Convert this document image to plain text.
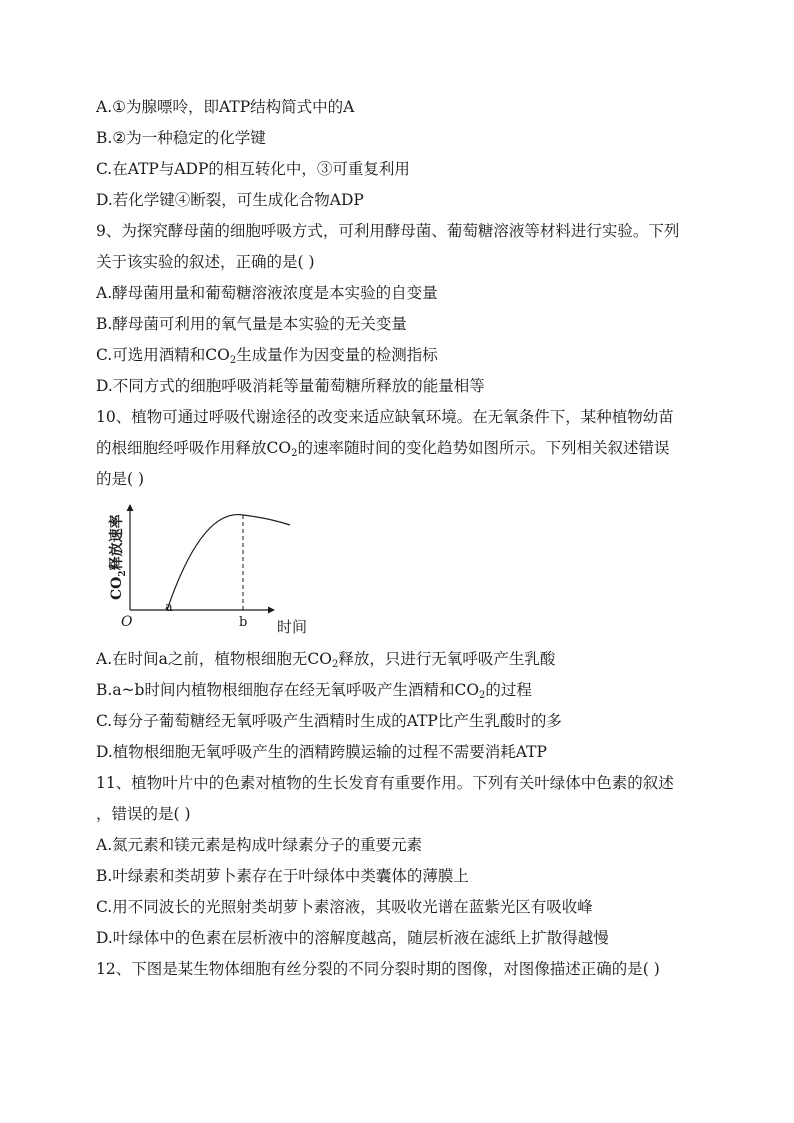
A.①为腺嘌呤，即ATP结构简式中的A
B.②为一种稳定的化学键
C.在ATP与ADP的相互转化中，③可重复利用
D.若化学键④断裂，可生成化合物ADP
9、为探究酵母菌的细胞呼吸方式，可利用酵母菌、葡萄糖溶液等材料进行实验。下列
关于该实验的叙述，正确的是( )
A.酵母菌用量和葡萄糖溶液浓度是本实验的自变量
B.酵母菌可利用的氧气量是本实验的无关变量
C.可选用酒精和$CO_2$生成量作为因变量的检测指标
D.不同方式的细胞呼吸消耗等量葡萄糖所释放的能量相等
10、植物可通过呼吸代谢途径的改变来适应缺氧环境。在无氧条件下，某种植物幼苗
的根细胞经呼吸作用释放$CO_2$的速率随时间的变化趋势如图所示。下列相关叙述错误
的是( )
O
a
b 时间
$CO_2$释放速率
A.在时间a之前，植物根细胞无$CO_2$释放，只进行无氧呼吸产生乳酸
B.a~b时间内植物根细胞存在经无氧呼吸产生酒精和$CO_2$的过程
C.每分子葡萄糖经无氧呼吸产生酒精时生成的ATP比产生乳酸时的多
D.植物根细胞无氧呼吸产生的酒精跨膜运输的过程不需要消耗ATP
11、植物叶片中的色素对植物的生长发育有重要作用。下列有关叶绿体中色素的叙述
，错误的是( )
A.氮元素和镁元素是构成叶绿素分子的重要元素
B.叶绿素和类胡萝卜素存在于叶绿体中类囊体的薄膜上
C.用不同波长的光照射类胡萝卜素溶液，其吸收光谱在蓝紫光区有吸收峰
D.叶绿体中的色素在层析液中的溶解度越高，随层析液在滤纸上扩散得越慢
12、下图是某生物体细胞有丝分裂的不同分裂时期的图像，对图像描述正确的是( )
